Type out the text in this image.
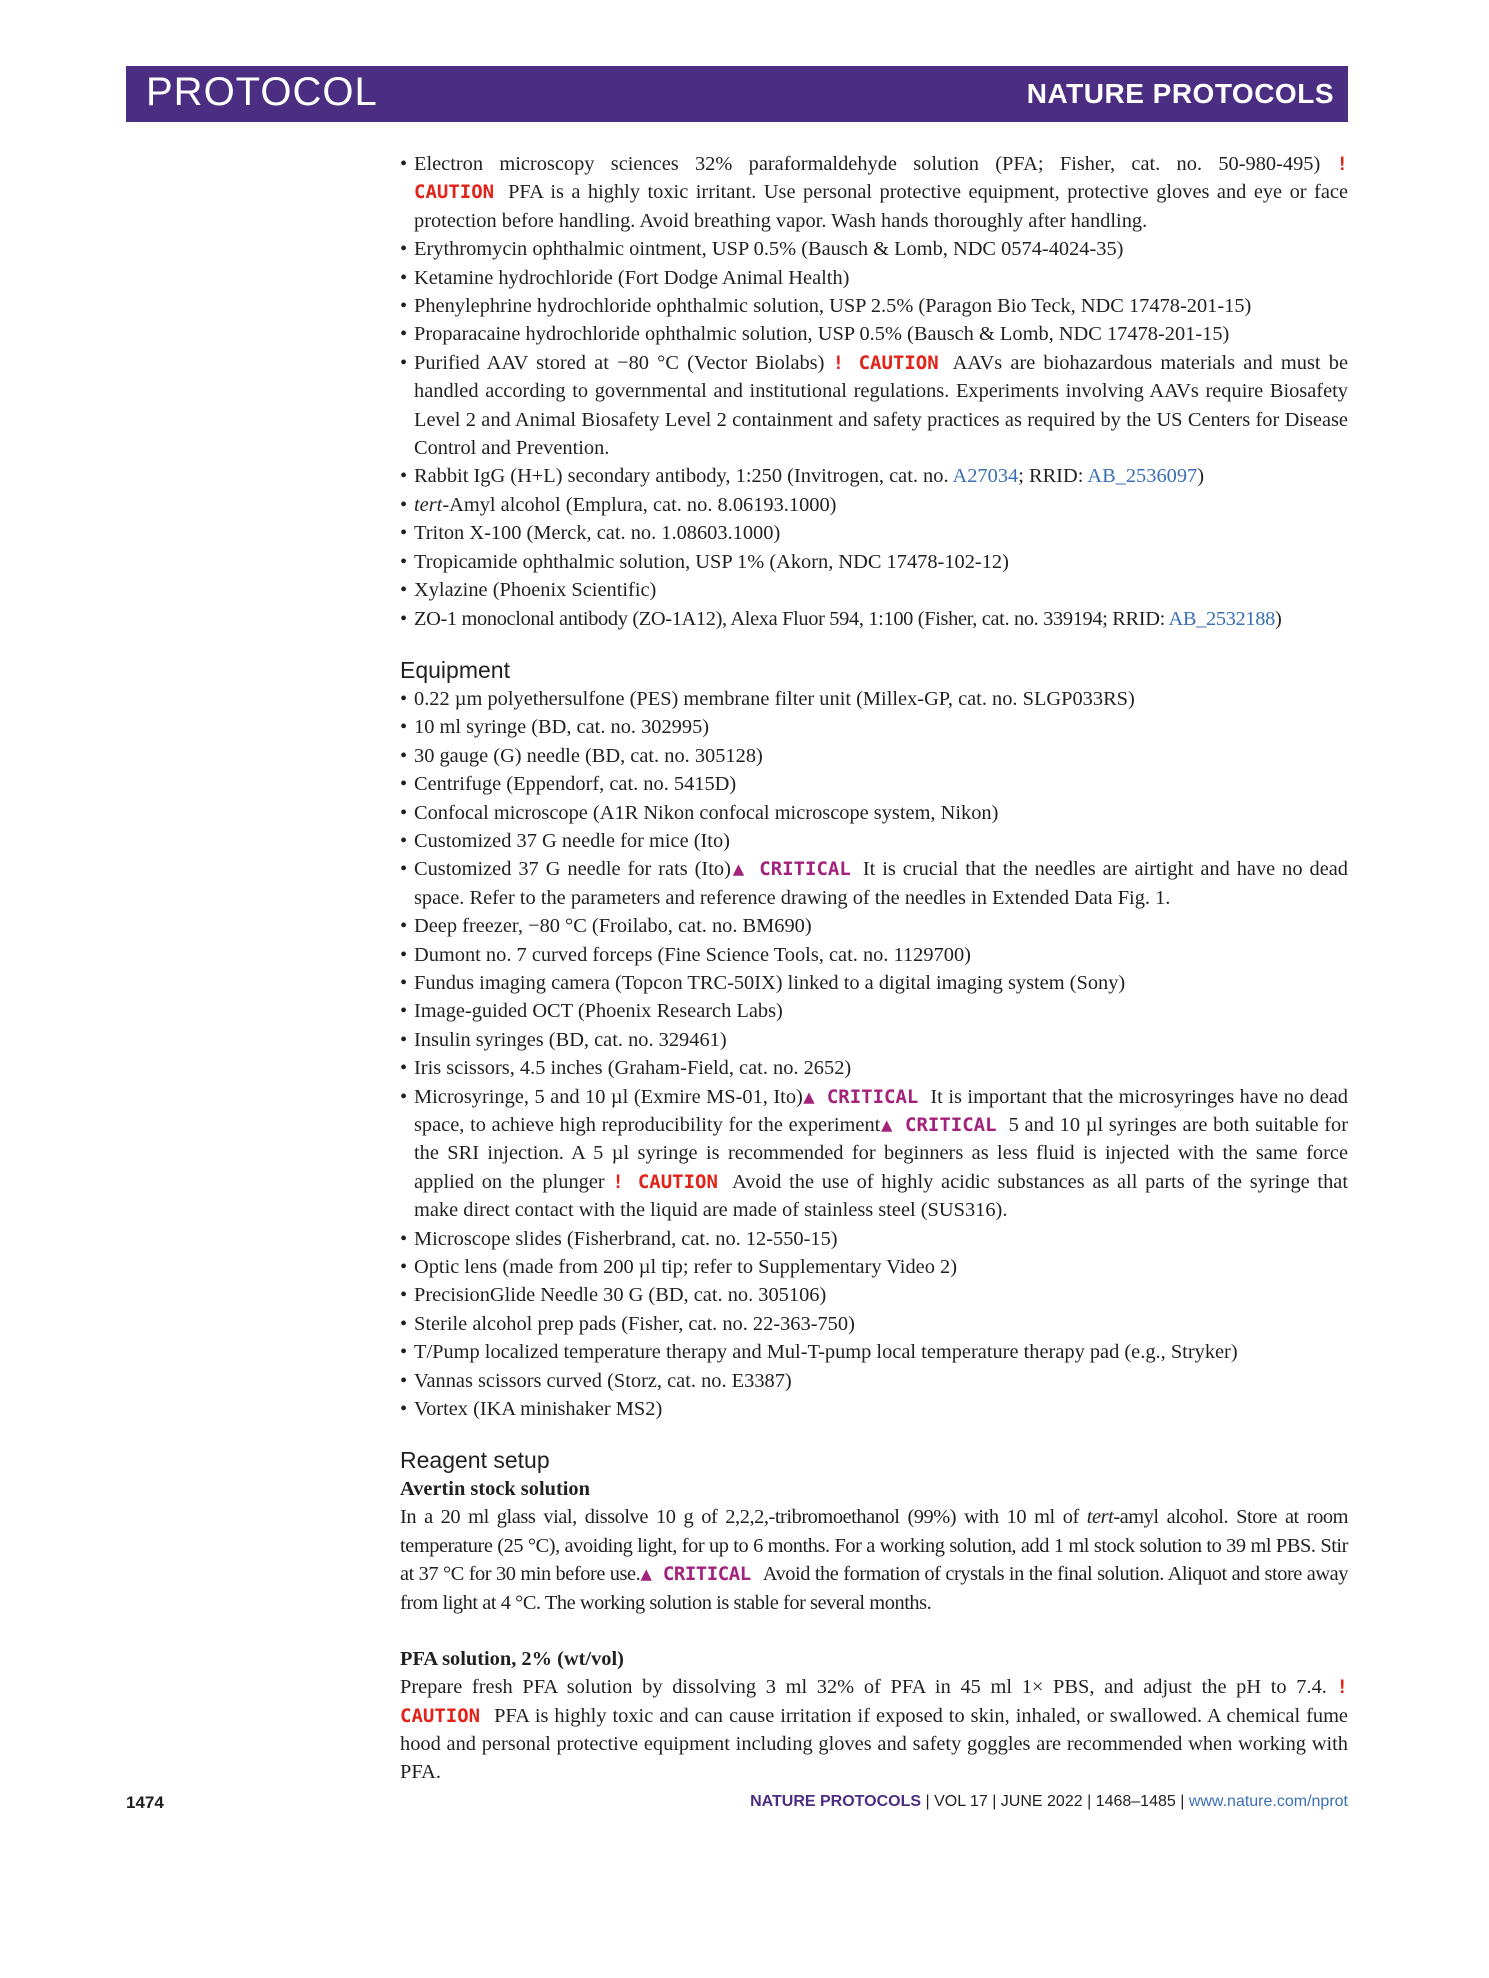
PROTOCOL	NATURE PROTOCOLS
• Electron microscopy sciences 32% paraformaldehyde solution (PFA; Fisher, cat. no. 50-980-495) ! CAUTION PFA is a highly toxic irritant. Use personal protective equipment, protective gloves and eye or face protection before handling. Avoid breathing vapor. Wash hands thoroughly after handling.
• Erythromycin ophthalmic ointment, USP 0.5% (Bausch & Lomb, NDC 0574-4024-35)
• Ketamine hydrochloride (Fort Dodge Animal Health)
• Phenylephrine hydrochloride ophthalmic solution, USP 2.5% (Paragon Bio Teck, NDC 17478-201-15)
• Proparacaine hydrochloride ophthalmic solution, USP 0.5% (Bausch & Lomb, NDC 17478-201-15)
• Purified AAV stored at −80 °C (Vector Biolabs) ! CAUTION AAVs are biohazardous materials and must be handled according to governmental and institutional regulations. Experiments involving AAVs require Biosafety Level 2 and Animal Biosafety Level 2 containment and safety practices as required by the US Centers for Disease Control and Prevention.
• Rabbit IgG (H+L) secondary antibody, 1:250 (Invitrogen, cat. no. A27034; RRID: AB_2536097)
• tert-Amyl alcohol (Emplura, cat. no. 8.06193.1000)
• Triton X-100 (Merck, cat. no. 1.08603.1000)
• Tropicamide ophthalmic solution, USP 1% (Akorn, NDC 17478-102-12)
• Xylazine (Phoenix Scientific)
• ZO-1 monoclonal antibody (ZO-1A12), Alexa Fluor 594, 1:100 (Fisher, cat. no. 339194; RRID: AB_2532188)
Equipment
• 0.22 µm polyethersulfone (PES) membrane filter unit (Millex-GP, cat. no. SLGP033RS)
• 10 ml syringe (BD, cat. no. 302995)
• 30 gauge (G) needle (BD, cat. no. 305128)
• Centrifuge (Eppendorf, cat. no. 5415D)
• Confocal microscope (A1R Nikon confocal microscope system, Nikon)
• Customized 37 G needle for mice (Ito)
• Customized 37 G needle for rats (Ito)▲ CRITICAL It is crucial that the needles are airtight and have no dead space. Refer to the parameters and reference drawing of the needles in Extended Data Fig. 1.
• Deep freezer, −80 °C (Froilabo, cat. no. BM690)
• Dumont no. 7 curved forceps (Fine Science Tools, cat. no. 1129700)
• Fundus imaging camera (Topcon TRC-50IX) linked to a digital imaging system (Sony)
• Image-guided OCT (Phoenix Research Labs)
• Insulin syringes (BD, cat. no. 329461)
• Iris scissors, 4.5 inches (Graham-Field, cat. no. 2652)
• Microsyringe, 5 and 10 µl (Exmire MS-01, Ito)▲ CRITICAL It is important that the microsyringes have no dead space, to achieve high reproducibility for the experiment▲ CRITICAL 5 and 10 µl syringes are both suitable for the SRI injection. A 5 µl syringe is recommended for beginners as less fluid is injected with the same force applied on the plunger ! CAUTION Avoid the use of highly acidic substances as all parts of the syringe that make direct contact with the liquid are made of stainless steel (SUS316).
• Microscope slides (Fisherbrand, cat. no. 12-550-15)
• Optic lens (made from 200 µl tip; refer to Supplementary Video 2)
• PrecisionGlide Needle 30 G (BD, cat. no. 305106)
• Sterile alcohol prep pads (Fisher, cat. no. 22-363-750)
• T/Pump localized temperature therapy and Mul-T-pump local temperature therapy pad (e.g., Stryker)
• Vannas scissors curved (Storz, cat. no. E3387)
• Vortex (IKA minishaker MS2)
Reagent setup
Avertin stock solution

In a 20 ml glass vial, dissolve 10 g of 2,2,2,-tribromoethanol (99%) with 10 ml of tert-amyl alcohol. Store at room temperature (25 °C), avoiding light, for up to 6 months. For a working solution, add 1 ml stock solution to 39 ml PBS. Stir at 37 °C for 30 min before use.▲ CRITICAL Avoid the formation of crystals in the final solution. Aliquot and store away from light at 4 °C. The working solution is stable for several months.

PFA solution, 2% (wt/vol)

Prepare fresh PFA solution by dissolving 3 ml 32% of PFA in 45 ml 1× PBS, and adjust the pH to 7.4. ! CAUTION PFA is highly toxic and can cause irritation if exposed to skin, inhaled, or swallowed. A chemical fume hood and personal protective equipment including gloves and safety goggles are recommended when working with PFA.

1474	NATURE PROTOCOLS | VOL 17 | JUNE 2022 | 1468–1485 | www.nature.com/nprot
